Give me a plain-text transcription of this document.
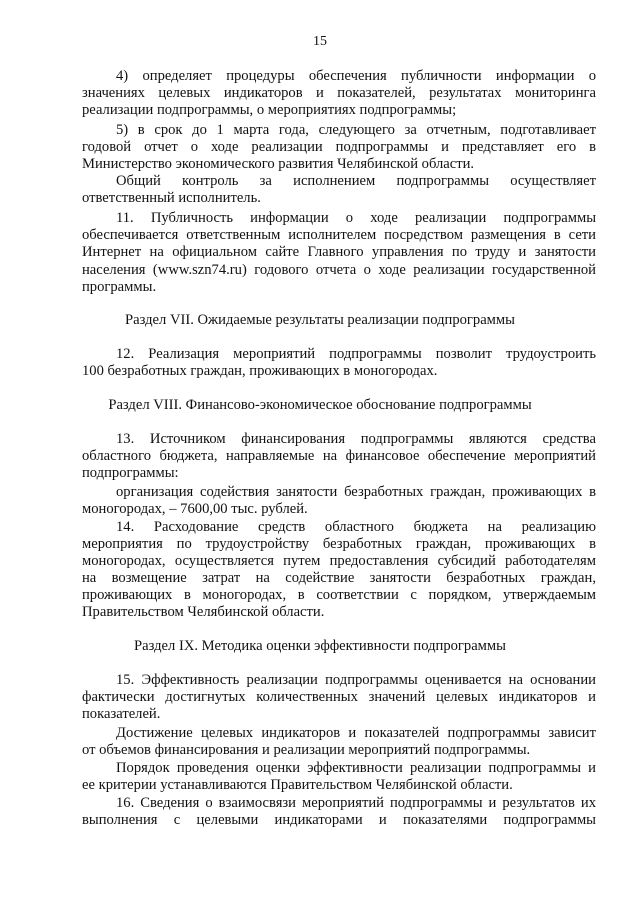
15
4) определяет процедуры обеспечения публичности информации о
значениях целевых индикаторов и показателей, результатах мониторинга
реализации подпрограммы, о мероприятиях подпрограммы;
5) в срок до 1 марта года, следующего за отчетным, подготавливает
годовой отчет о ходе реализации подпрограммы и представляет его в
Министерство экономического развития Челябинской области.
Общий контроль за исполнением подпрограммы осуществляет
ответственный исполнитель.
11. Публичность информации о ходе реализации подпрограммы
обеспечивается ответственным исполнителем посредством размещения в сети
Интернет на официальном сайте Главного управления по труду и занятости
населения (www.szn74.ru) годового отчета о ходе реализации государственной
программы.
Раздел VII. Ожидаемые результаты реализации подпрограммы
12. Реализация мероприятий подпрограммы позволит трудоустроить
100 безработных граждан, проживающих в моногородах.
Раздел VIII. Финансово-экономическое обоснование подпрограммы
13. Источником финансирования подпрограммы являются средства
областного бюджета, направляемые на финансовое обеспечение мероприятий
подпрограммы:
организация содействия занятости безработных граждан, проживающих в
моногородах, – 7600,00 тыс. рублей.
14. Расходование средств областного бюджета на реализацию
мероприятия по трудоустройству безработных граждан, проживающих в
моногородах, осуществляется путем предоставления субсидий работодателям
на возмещение затрат на содействие занятости безработных граждан,
проживающих в моногородах, в соответствии с порядком, утверждаемым
Правительством Челябинской области.
Раздел IX. Методика оценки эффективности подпрограммы
15. Эффективность реализации подпрограммы оценивается на основании
фактически достигнутых количественных значений целевых индикаторов и
показателей.
Достижение целевых индикаторов и показателей подпрограммы зависит
от объемов финансирования и реализации мероприятий подпрограммы.
Порядок проведения оценки эффективности реализации подпрограммы и
ее критерии устанавливаются Правительством Челябинской области.
16. Сведения о взаимосвязи мероприятий подпрограммы и результатов их
выполнения с целевыми индикаторами и показателями подпрограммы
